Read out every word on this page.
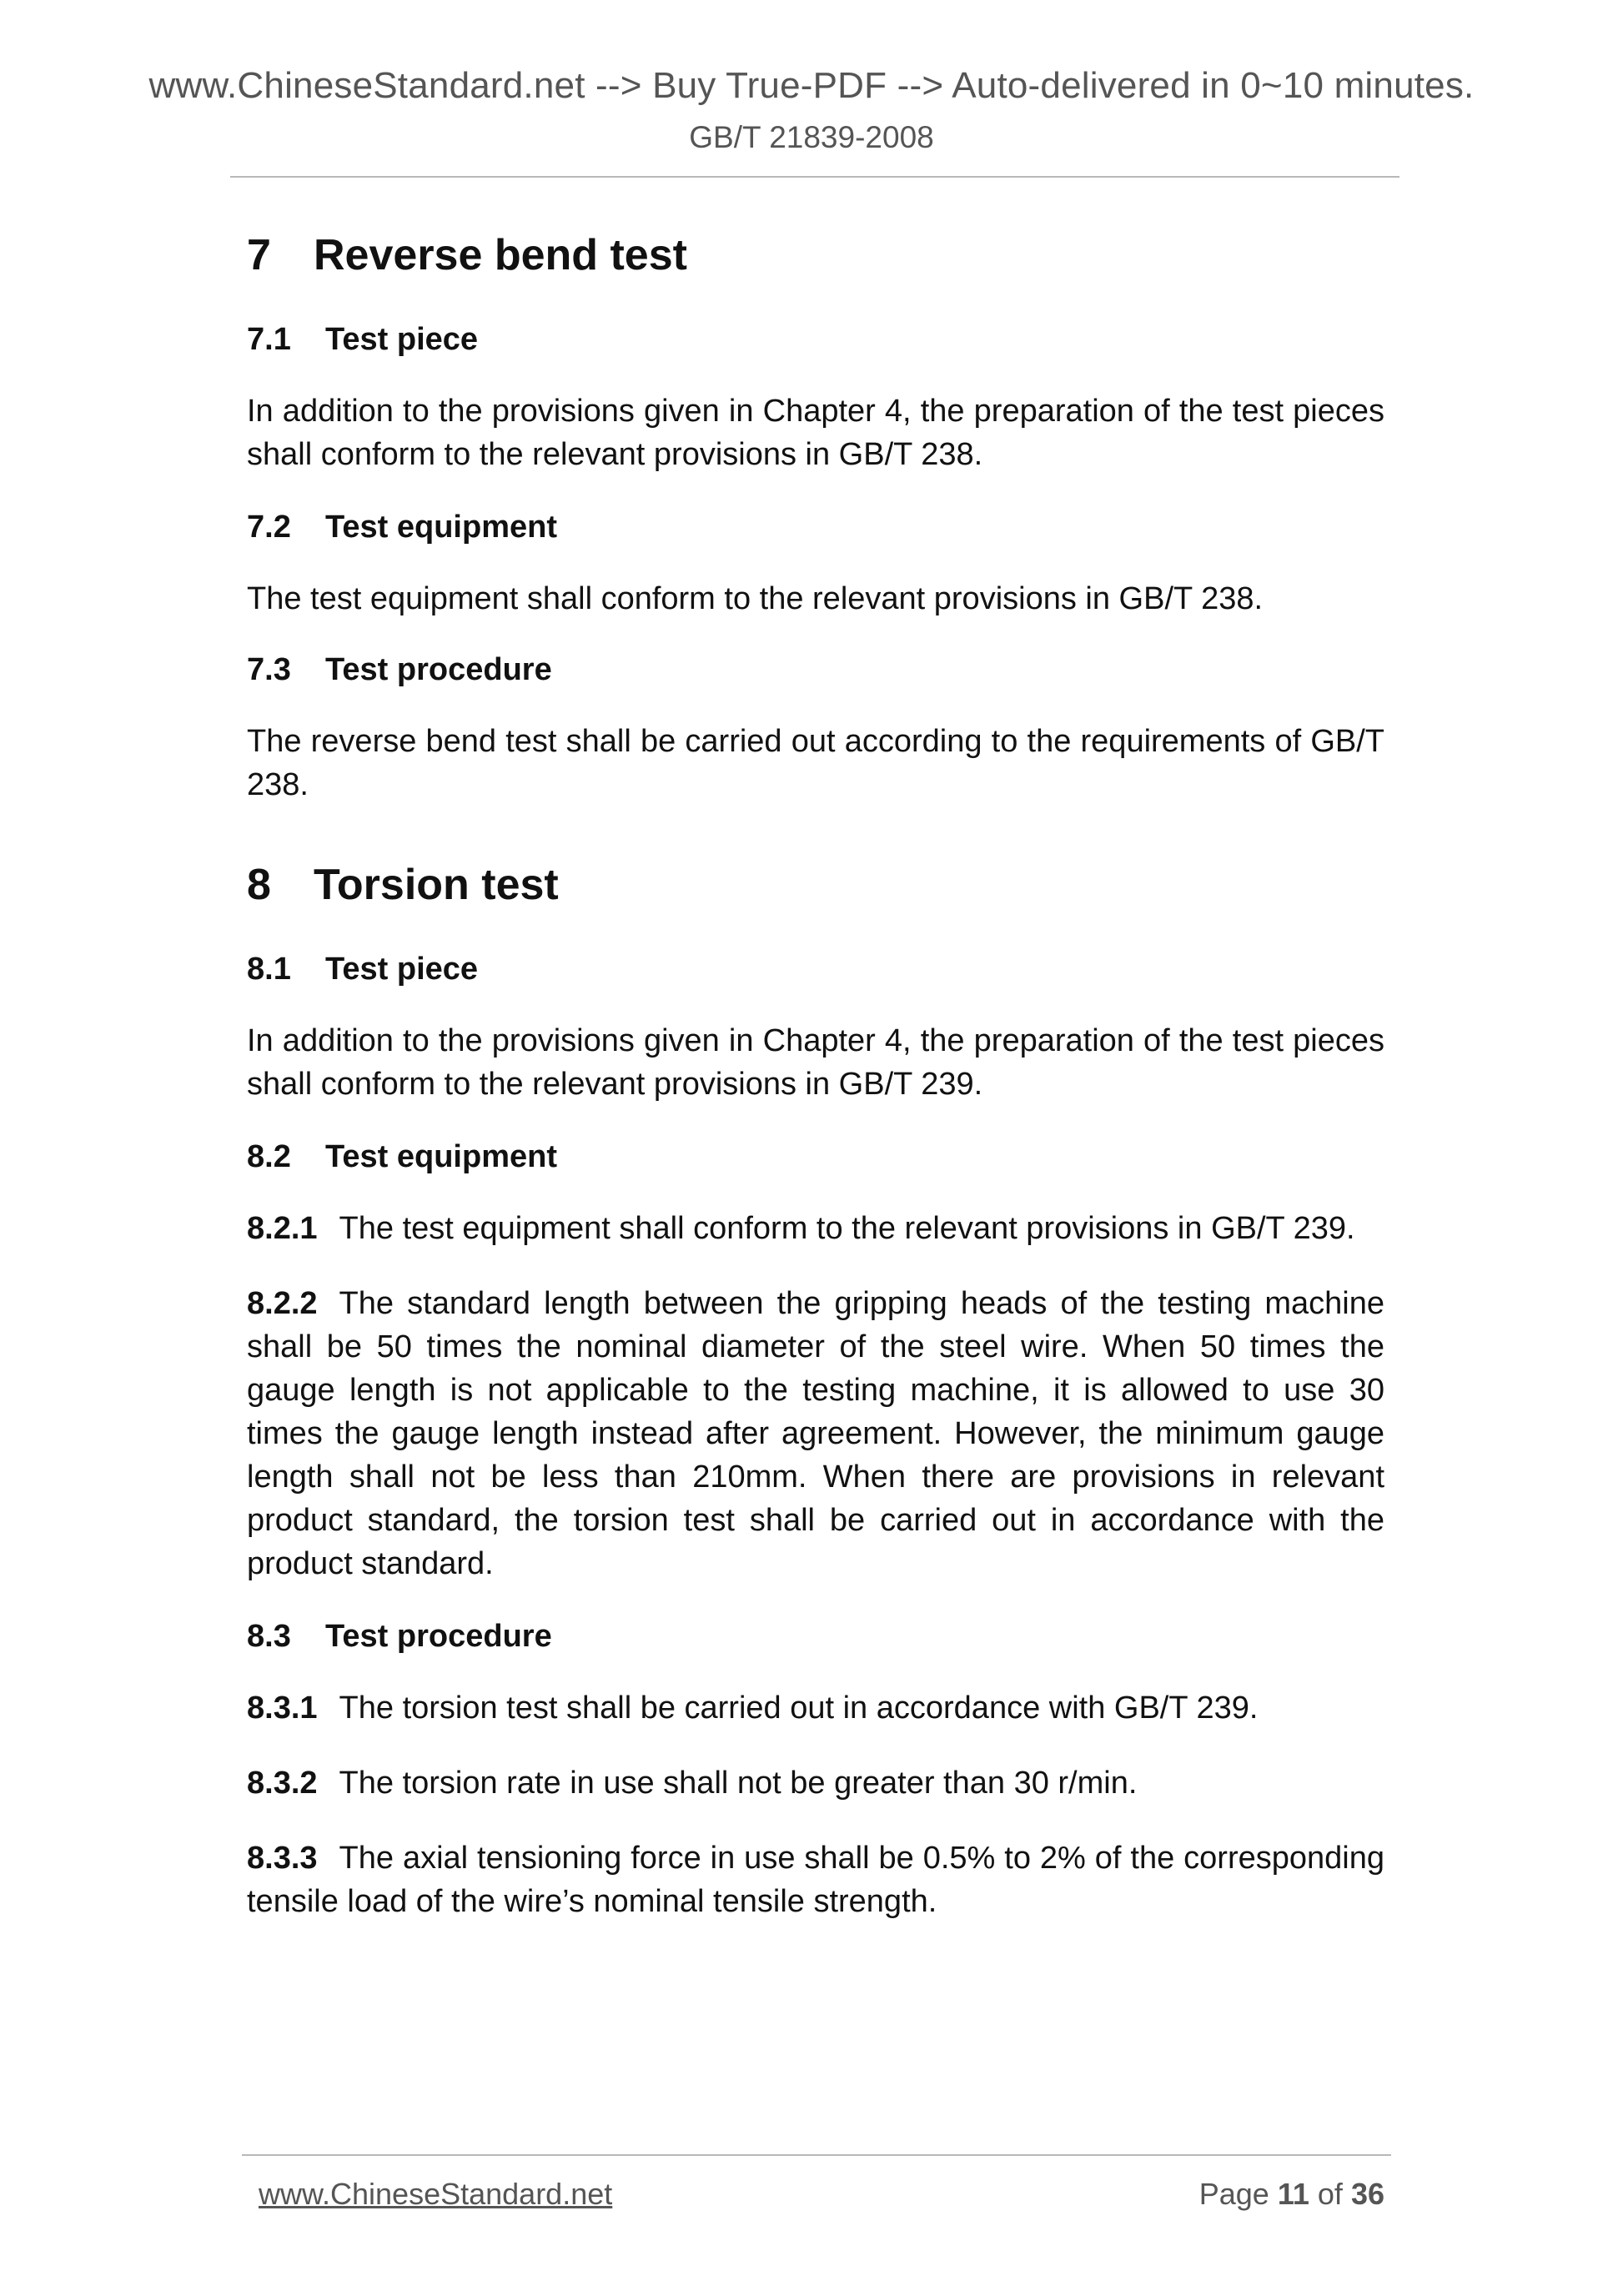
www.ChineseStandard.net --> Buy True-PDF --> Auto-delivered in 0~10 minutes.
GB/T 21839-2008
7 Reverse bend test
7.1	Test piece

In addition to the provisions given in Chapter 4, the preparation of the test pieces shall conform to the relevant provisions in GB/T 238.

7.2	Test equipment

The test equipment shall conform to the relevant provisions in GB/T 238.

7.3	Test procedure

The reverse bend test shall be carried out according to the requirements of GB/T 238.

8 Torsion test
8.1	Test piece

In addition to the provisions given in Chapter 4, the preparation of the test pieces shall conform to the relevant provisions in GB/T 239.

8.2	Test equipment

8.2.1 The test equipment shall conform to the relevant provisions in GB/T 239.

8.2.2 The standard length between the gripping heads of the testing machine shall be 50 times the nominal diameter of the steel wire. When 50 times the gauge length is not applicable to the testing machine, it is allowed to use 30 times the gauge length instead after agreement. However, the minimum gauge length shall not be less than 210mm. When there are provisions in relevant product standard, the torsion test shall be carried out in accordance with the product standard.

8.3	Test procedure

8.3.1 The torsion test shall be carried out in accordance with GB/T 239.

8.3.2 The torsion rate in use shall not be greater than 30 r/min.

8.3.3 The axial tensioning force in use shall be 0.5% to 2% of the corresponding tensile load of the wire’s nominal tensile strength.

www.ChineseStandard.net	Page 11 of 36
